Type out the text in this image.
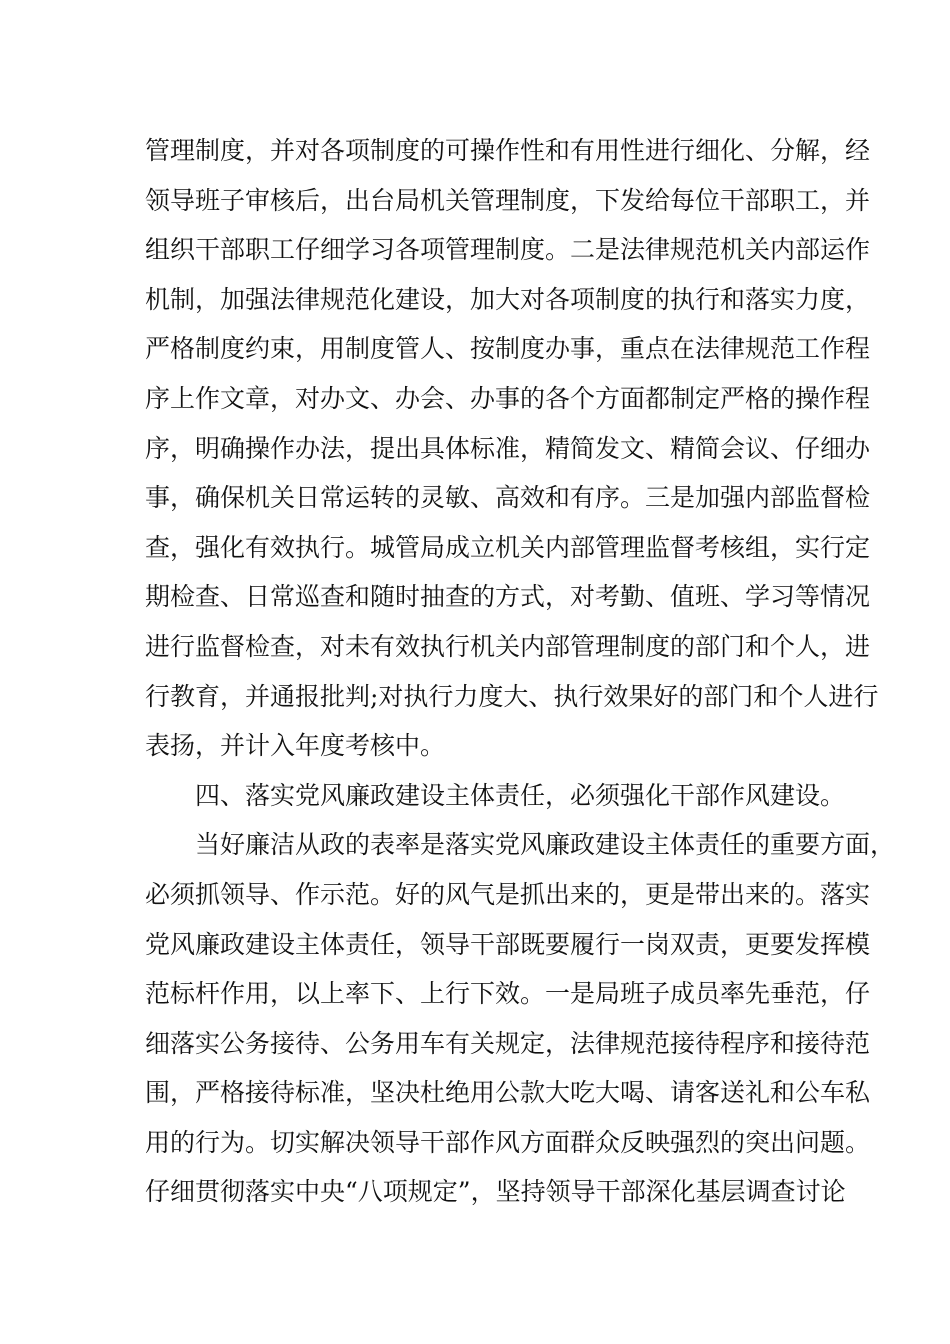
管理制度，并对各项制度的可操作性和有用性进行细化、分解，经
领导班子审核后，出台局机关管理制度，下发给每位干部职工，并
组织干部职工仔细学习各项管理制度。二是法律规范机关内部运作
机制，加强法律规范化建设，加大对各项制度的执行和落实力度，
严格制度约束，用制度管人、按制度办事，重点在法律规范工作程
序上作文章，对办文、办会、办事的各个方面都制定严格的操作程
序，明确操作办法，提出具体标准，精简发文、精简会议、仔细办
事，确保机关日常运转的灵敏、高效和有序。三是加强内部监督检
查，强化有效执行。城管局成立机关内部管理监督考核组，实行定
期检查、日常巡查和随时抽查的方式，对考勤、值班、学习等情况
进行监督检查，对未有效执行机关内部管理制度的部门和个人，进
行教育，并通报批判;对执行力度大、执行效果好的部门和个人进行
表扬，并计入年度考核中。
四、落实党风廉政建设主体责任，必须强化干部作风建设。
当好廉洁从政的表率是落实党风廉政建设主体责任的重要方面，
必须抓领导、作示范。好的风气是抓出来的，更是带出来的。落实
党风廉政建设主体责任，领导干部既要履行一岗双责，更要发挥模
范标杆作用，以上率下、上行下效。一是局班子成员率先垂范，仔
细落实公务接待、公务用车有关规定，法律规范接待程序和接待范
围，严格接待标准，坚决杜绝用公款大吃大喝、请客送礼和公车私
用的行为。切实解决领导干部作风方面群众反映强烈的突出问题。
仔细贯彻落实中央“八项规定”，坚持领导干部深化基层调查讨论
